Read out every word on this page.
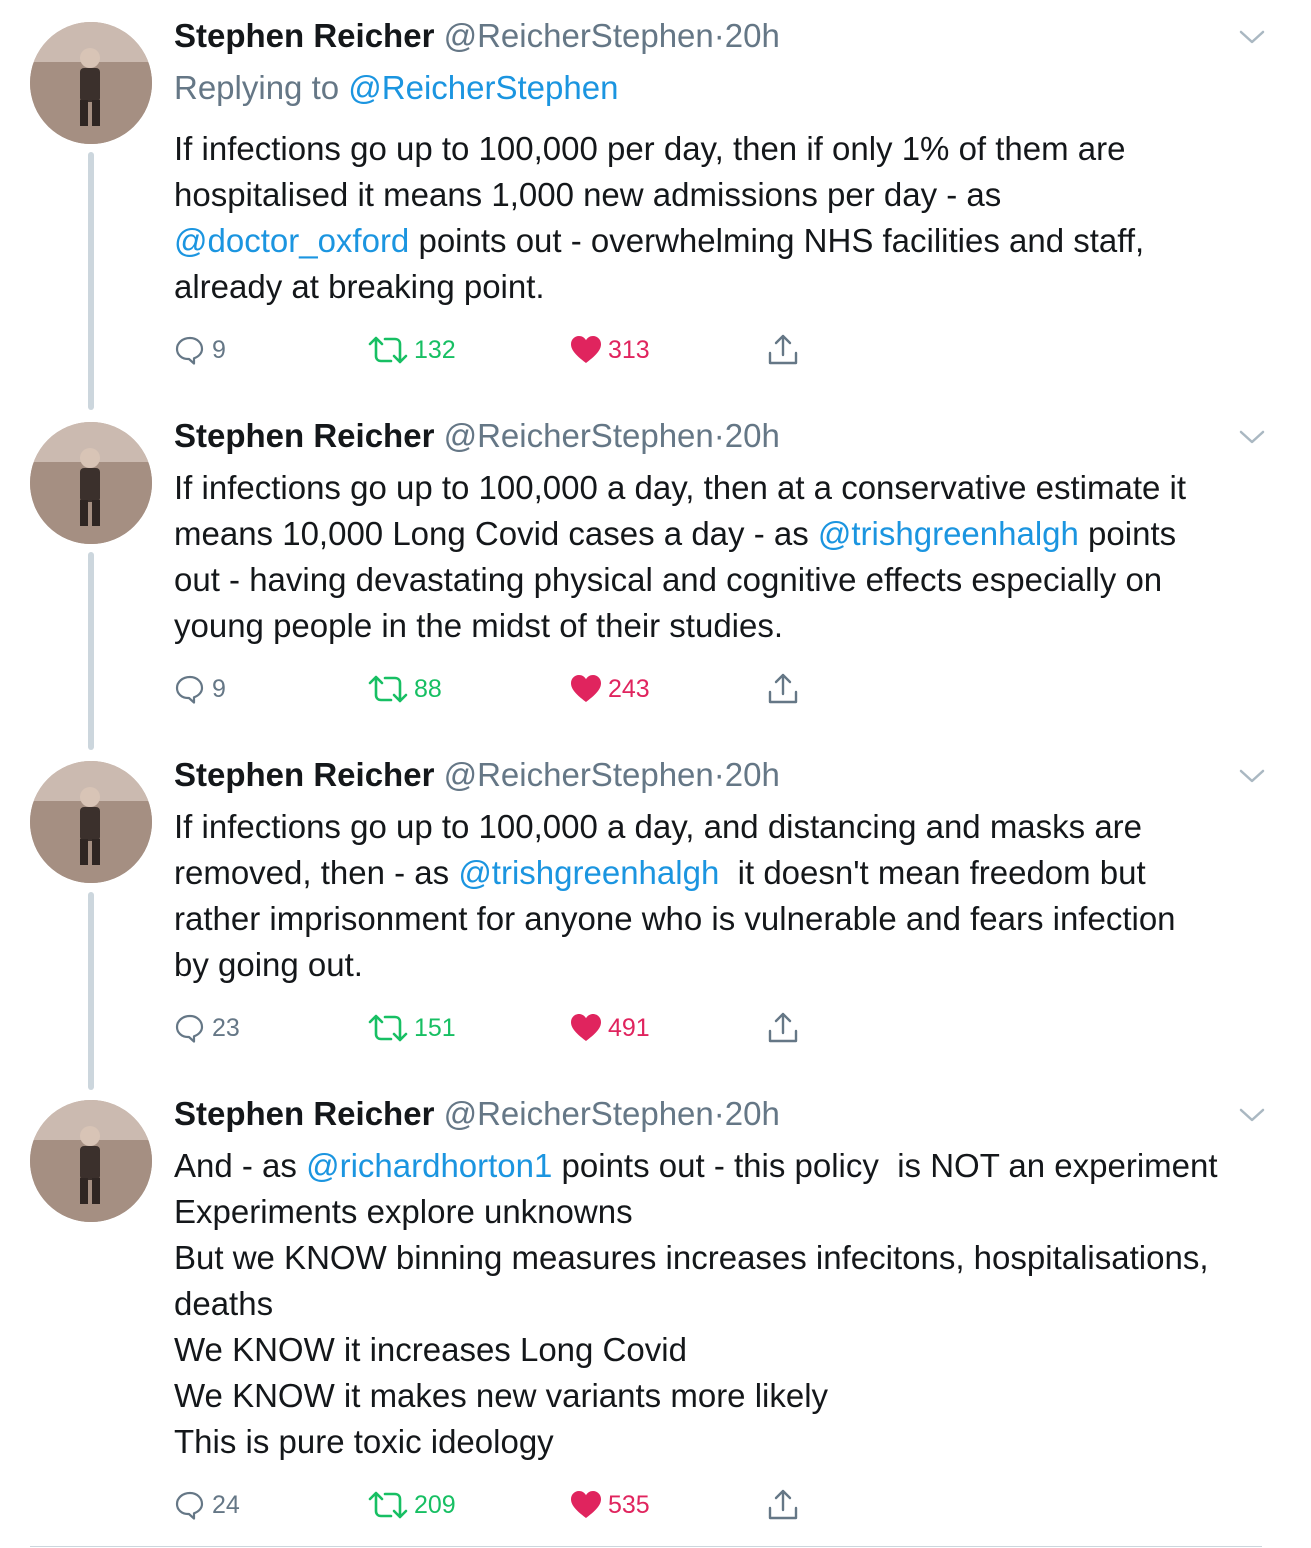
Stephen Reicher @ReicherStephen·20h
Replying to @ReicherStephen
If infections go up to 100,000 per day, then if only 1% of them are
hospitalised it means 1,000 new admissions per day - as
@doctor_oxford points out - overwhelming NHS facilities and staff,
already at breaking point.
9	132	313
Stephen Reicher @ReicherStephen·20h
If infections go up to 100,000 a day, then at a conservative estimate it
means 10,000 Long Covid cases a day - as @trishgreenhalgh points
out - having devastating physical and cognitive effects especially on
young people in the midst of their studies.
9	88	243
Stephen Reicher @ReicherStephen·20h
If infections go up to 100,000 a day, and distancing and masks are
removed, then - as @trishgreenhalgh  it doesn't mean freedom but
rather imprisonment for anyone who is vulnerable and fears infection
by going out.
23	151	491
Stephen Reicher @ReicherStephen·20h
And - as @richardhorton1 points out - this policy  is NOT an experiment
Experiments explore unknowns
But we KNOW binning measures increases infecitons, hospitalisations,
deaths
We KNOW it increases Long Covid
We KNOW it makes new variants more likely
This is pure toxic ideology
24	209	535
